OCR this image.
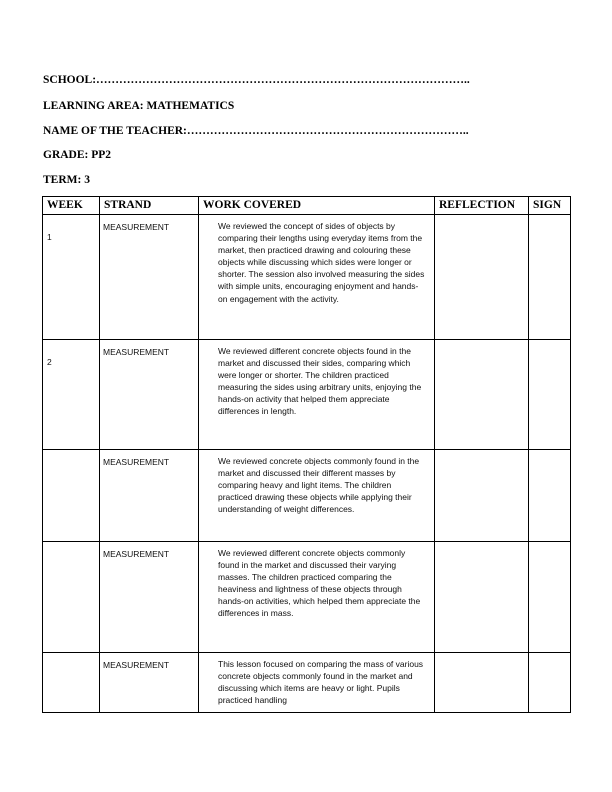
SCHOOL:……………………………………………………………………………………..
LEARNING AREA: MATHEMATICS
NAME OF THE TEACHER:………………………………………………………………..
GRADE: PP2
TERM: 3
WEEK	STRAND	WORK COVERED	REFLECTION	SIGN

1	MEASUREMENT	We reviewed the concept of sides of objects by comparing their lengths using everyday items from the market, then practiced drawing and colouring these objects while discussing which sides were longer or shorter. The session also involved measuring the sides with simple units, encouraging enjoyment and hands-on engagement with the activity.		

2	MEASUREMENT	We reviewed different concrete objects found in the market and discussed their sides, comparing which were longer or shorter. The children practiced measuring the sides using arbitrary units, enjoying the hands-on activity that helped them appreciate differences in length.		

	MEASUREMENT	We reviewed concrete objects commonly found in the market and discussed their different masses by comparing heavy and light items. The children practiced drawing these objects while applying their understanding of weight differences.		

	MEASUREMENT	We reviewed different concrete objects commonly found in the market and discussed their varying masses. The children practiced comparing the heaviness and lightness of these objects through hands-on activities, which helped them appreciate the differences in mass.		

	MEASUREMENT	This lesson focused on comparing the mass of various concrete objects commonly found in the market and discussing which items are heavy or light. Pupils practiced handling		
